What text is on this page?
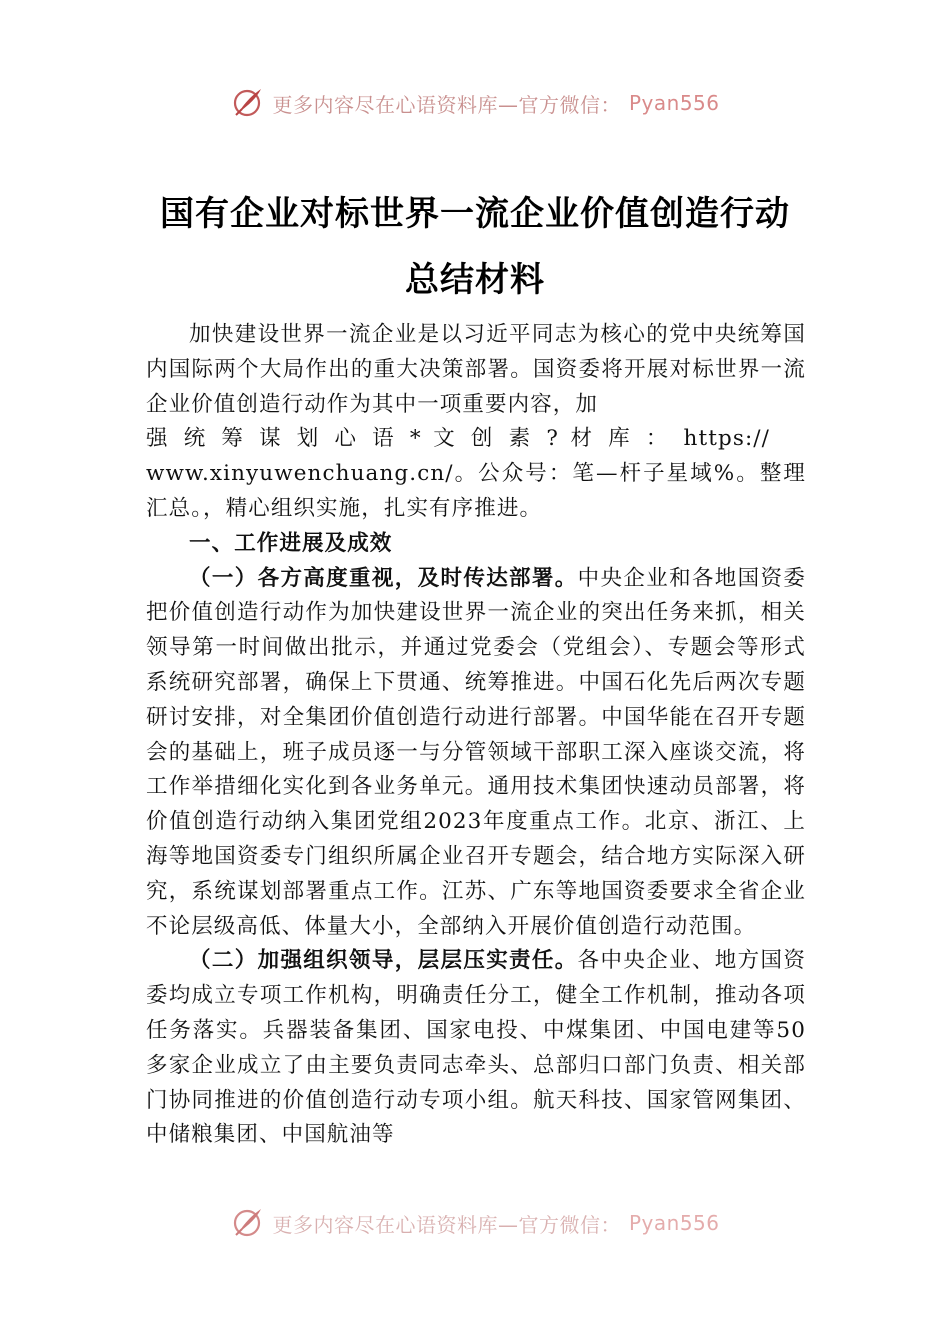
更多内容尽在心语资料库—官方微信： Pyan556
国有企业对标世界一流企业价值创造行动
总结材料

加快建设世界一流企业是以习近平同志为核心的党中央统筹国内国际两个大局作出的重大决策部署。国资委将开展对标世界一流企业价值创造行动作为其中一项重要内容，加
强 统 筹 谋 划 心 语 * 文 创 素 ? 材 库 ： https://
www.xinyuwenchuang.cn/。公众号：笔—杆子星域%。整理汇总。，精心组织实施，扎实有序推进。

一、工作进展及成效

（一）各方高度重视，及时传达部署。中央企业和各地国资委把价值创造行动作为加快建设世界一流企业的突出任务来抓，相关领导第一时间做出批示，并通过党委会（党组会）、专题会等形式系统研究部署，确保上下贯通、统筹推进。中国石化先后两次专题研讨安排，对全集团价值创造行动进行部署。中国华能在召开专题会的基础上，班子成员逐一与分管领域干部职工深入座谈交流，将工作举措细化实化到各业务单元。通用技术集团快速动员部署，将价值创造行动纳入集团党组2023年度重点工作。北京、浙江、上海等地国资委专门组织所属企业召开专题会，结合地方实际深入研究，系统谋划部署重点工作。江苏、广东等地国资委要求全省企业不论层级高低、体量大小，全部纳入开展价值创造行动范围。

（二）加强组织领导，层层压实责任。各中央企业、地方国资委均成立专项工作机构，明确责任分工，健全工作机制，推动各项任务落实。兵器装备集团、国家电投、中煤集团、中国电建等50多家企业成立了由主要负责同志牵头、总部归口部门负责、相关部门协同推进的价值创造行动专项小组。航天科技、国家管网集团、中储粮集团、中国航油等

更多内容尽在心语资料库—官方微信： Pyan556
